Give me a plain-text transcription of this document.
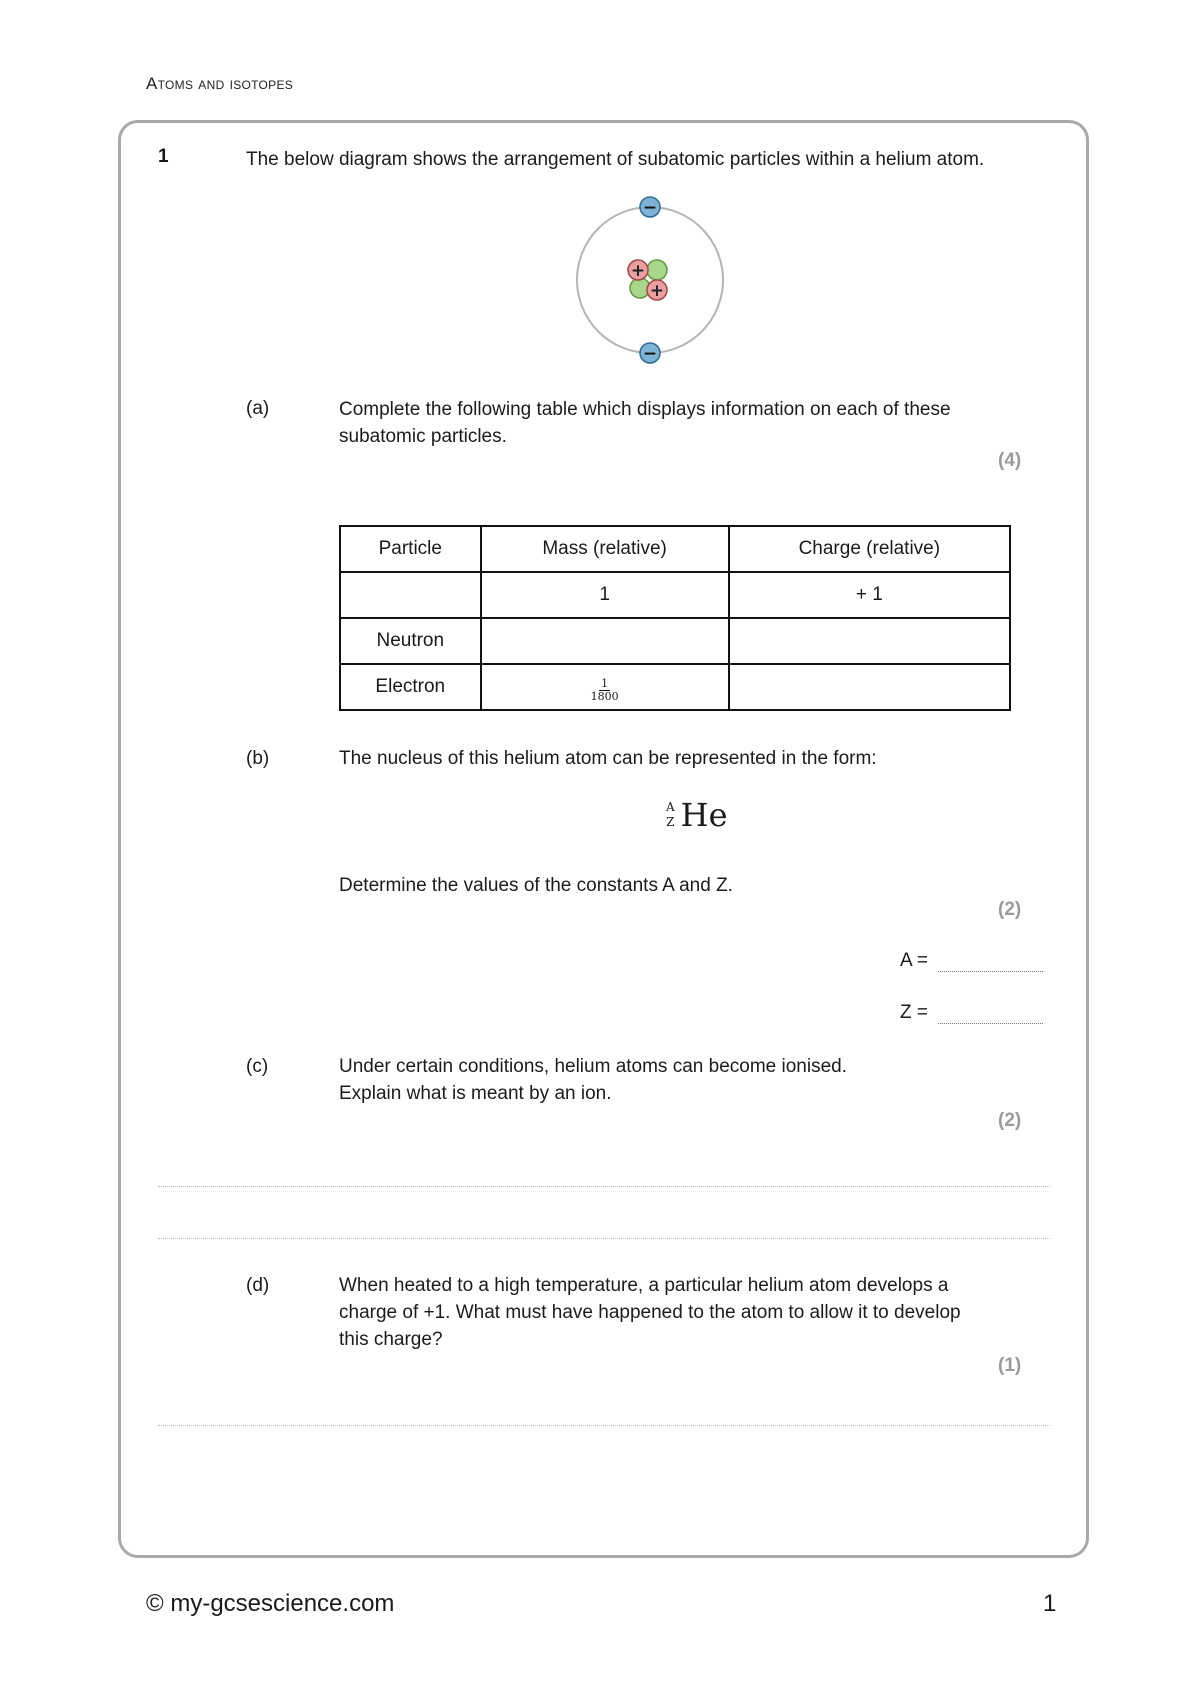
Atoms and isotopes
1	The below diagram shows the arrangement of subatomic particles within a helium atom.
+
+
−
−
(a)	Complete the following table which displays information on each of these
subatomic particles.
(4)
Particle	Mass (relative)	Charge (relative)
	1	+ 1
Neutron		
Electron	$\frac{1}{1800}$

(b)	The nucleus of this helium atom can be represented in the form:
A
Z He
Determine the values of the constants A and Z.
(2)
A =
Z =
(c)	Under certain conditions, helium atoms can become ionised.
Explain what is meant by an ion.
(2)
(d)	When heated to a high temperature, a particular helium atom develops a
charge of +1. What must have happened to the atom to allow it to develop
this charge?
(1)
© my-gcsescience.com	1
